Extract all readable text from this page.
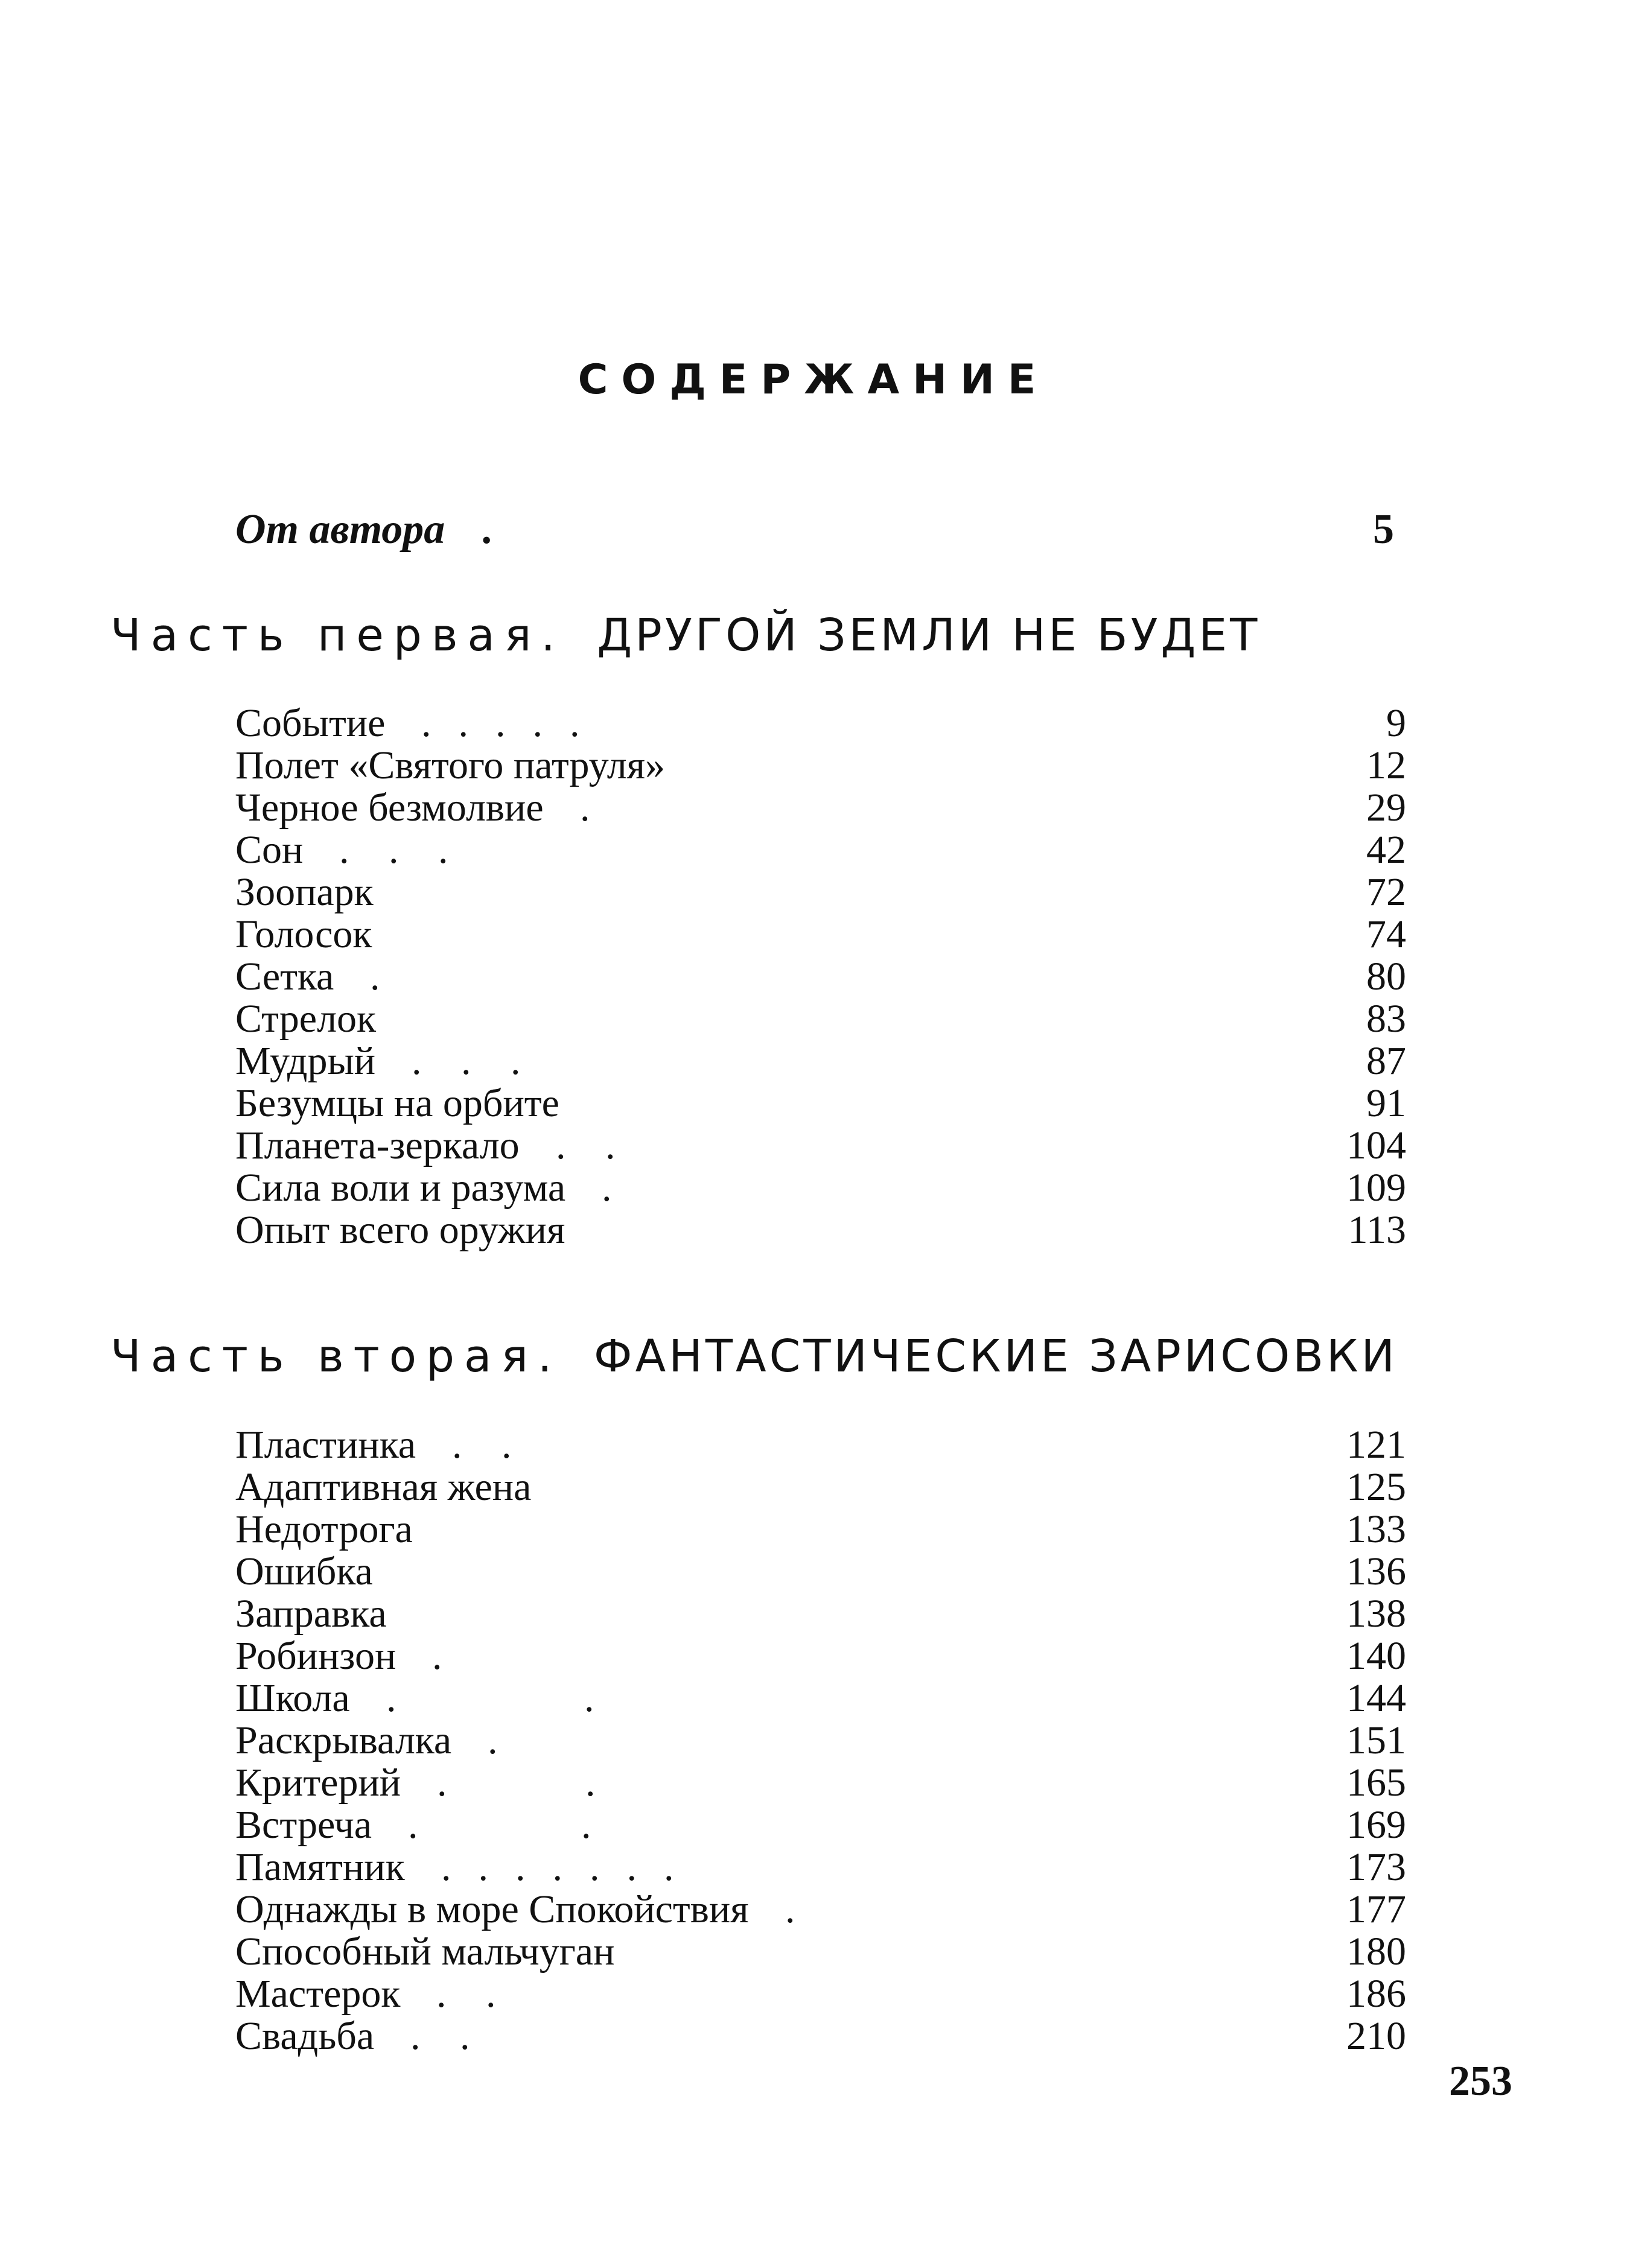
СОДЕРЖАНИЕ
От автора .	5
Часть первая. ДРУГОЙ ЗЕМЛИ НЕ БУДЕТ
Событие .  .  .  .  .	9
Полет «Святого патруля»	12
Черное безмолвие .	29
Сон .   .   .	42
Зоопарк	72
Голосок	74
Сетка .	80
Стрелок	83
Мудрый .   .   .	87
Безумцы на орбите	91
Планета-зеркало .   .	104
Сила воли и разума .	109
Опыт всего оружия	113
Часть вторая. ФАНТАСТИЧЕСКИЕ ЗАРИСОВКИ
Пластинка .   .	121
Адаптивная жена	125
Недотрога	133
Ошибка	136
Заправка	138
Робинзон .	140
Школа .               .	144
Раскрывалка .	151
Критерий .           .	165
Встреча .             .	169
Памятник .  .  .  .  .  .  .	173
Однажды в море Спокойствия .	177
Способный мальчуган	180
Мастерок .   .	186
Свадьба .   .	210
253
